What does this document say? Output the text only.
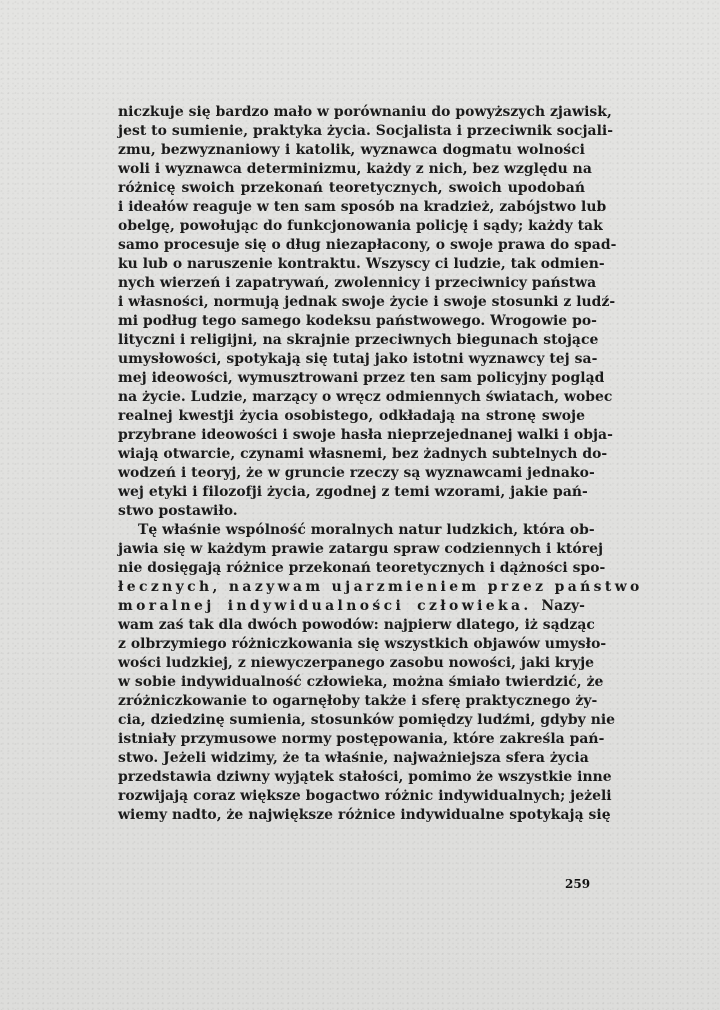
niczkuje się bardzo mało w porównaniu do powyższych zjawisk,
jest to sumienie, praktyka życia. Socjalista i przeciwnik socjali-
zmu, bezwyznaniowy i katolik, wyznawca dogmatu wolności
woli i wyznawca determinizmu, każdy z nich, bez względu na
różnicę swoich przekonań teoretycznych, swoich upodobań
i ideałów reaguje w ten sam sposób na kradzież, zabójstwo lub
obelgę, powołując do funkcjonowania policję i sądy; każdy tak
samo procesuje się o dług niezapłacony, o swoje prawa do spad-
ku lub o naruszenie kontraktu. Wszyscy ci ludzie, tak odmien-
nych wierzeń i zapatrywań, zwolennicy i przeciwnicy państwa
i własności, normują jednak swoje życie i swoje stosunki z ludź-
mi podług tego samego kodeksu państwowego. Wrogowie po-
lityczni i religijni, na skrajnie przeciwnych biegunach stojące
umysłowości, spotykają się tutaj jako istotni wyznawcy tej sa-
mej ideowości, wymusztrowani przez ten sam policyjny pogląd
na życie. Ludzie, marzący o wręcz odmiennych światach, wobec
realnej kwestji życia osobistego, odkładają na stronę swoje
przybrane ideowości i swoje hasła nieprzejednanej walki i obja-
wiają otwarcie, czynami własnemi, bez żadnych subtelnych do-
wodzeń i teoryj, że w gruncie rzeczy są wyznawcami jednako-
wej etyki i filozofji życia, zgodnej z temi wzorami, jakie pań-
stwo postawiło.
Tę właśnie wspólność moralnych natur ludzkich, która ob-
jawia się w każdym prawie zatargu spraw codziennych i której
nie dosięgają różnice przekonań teoretycznych i dążności spo-
łecznych, nazywam ujarzmieniem przez państwo
moralnej indywidualności człowieka. Nazy-
wam zaś tak dla dwóch powodów: najpierw dlatego, iż sądząc
z olbrzymiego różniczkowania się wszystkich objawów umysło-
wości ludzkiej, z niewyczerpanego zasobu nowości, jaki kryje
w sobie indywidualność człowieka, można śmiało twierdzić, że
zróżniczkowanie to ogarnęłoby także i sferę praktycznego ży-
cia, dziedzinę sumienia, stosunków pomiędzy ludźmi, gdyby nie
istniały przymusowe normy postępowania, które zakreśla pań-
stwo. Jeżeli widzimy, że ta właśnie, najważniejsza sfera życia
przedstawia dziwny wyjątek stałości, pomimo że wszystkie inne
rozwijają coraz większe bogactwo różnic indywidualnych; jeżeli
wiemy nadto, że największe różnice indywidualne spotykają się
259
